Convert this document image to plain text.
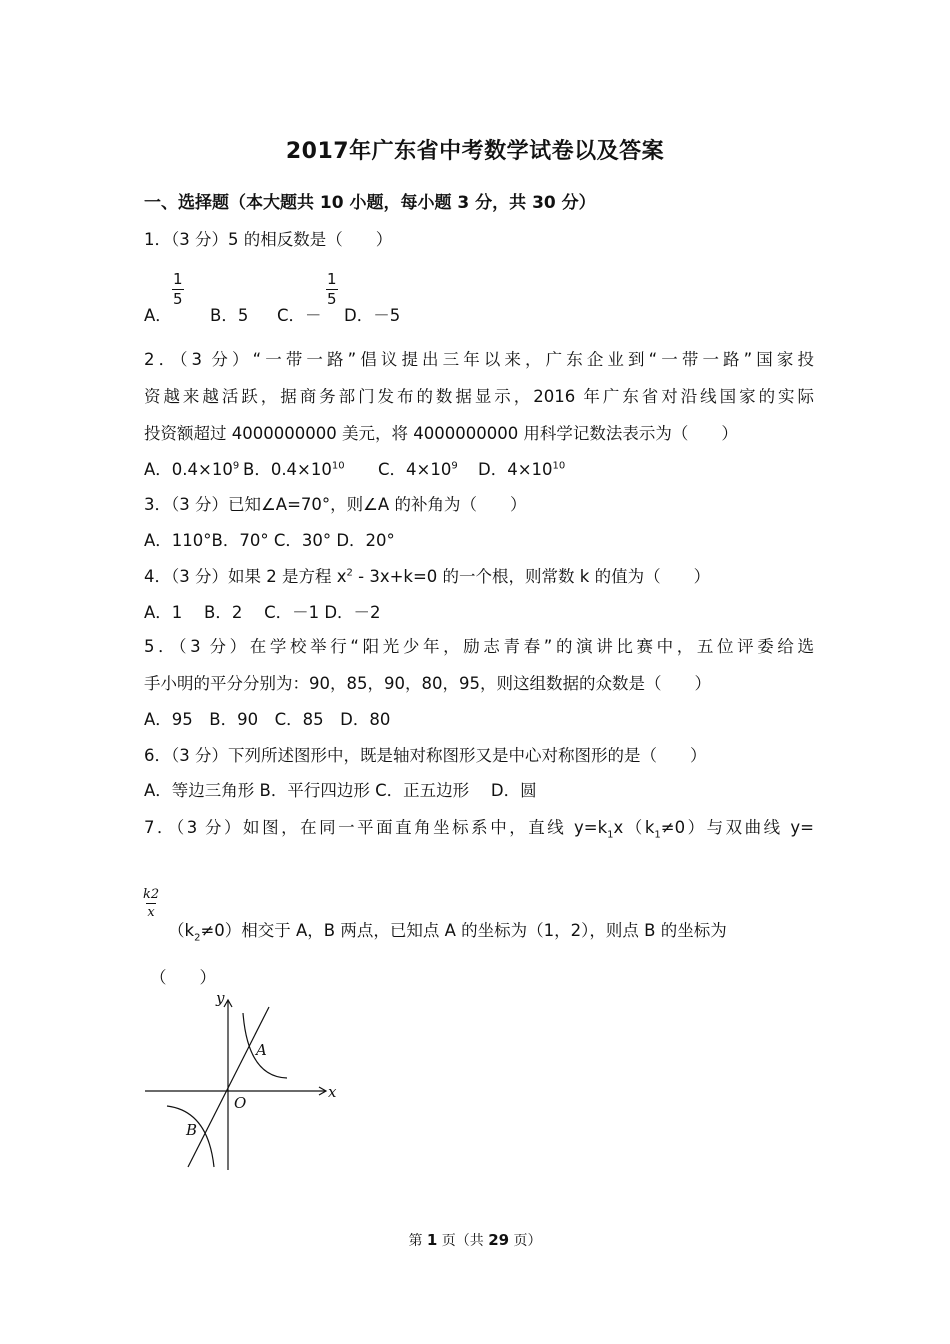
2017年广东省中考数学试卷以及答案
一、选择题（本大题共 10 小题，每小题 3 分，共 30 分）
1．（3 分）5 的相反数是（　　）
A．
$\frac{1}{5}$
B．5 C．－
$\frac{1}{5}$
D．－5
2．（3 分）“一带一路”倡议提出三年以来，广东企业到“一带一路”国家投
资越来越活跃，据商务部门发布的数据显示，2016 年广东省对沿线国家的实际
投资额超过 4000000000 美元，将 4000000000 用科学记数法表示为（　　）
A．$0.4\times 10^9$ B．$0.4\times 10^{10}$ C．$4\times 10^9$ D．$4\times 10^{10}$
3．（3 分）已知∠A=70°，则∠A 的补角为（　　）
A．110°B．70° C．30° D．20°
4．（3 分）如果 2 是方程 $x^2 - 3x+k=0$ 的一个根，则常数 k 的值为（　　）
A．1　 B．2　 C．－1 D．－2
5．（3 分）在学校举行“阳光少年，励志青春”的演讲比赛中，五位评委给选
手小明的平分分别为：90，85，90，80，95，则这组数据的众数是（　　）
A．95　B．90　C．85　D．80
6．（3 分）下列所述图形中，既是轴对称图形又是中心对称图形的是（　　）
A．等边三角形 B．平行四边形 C．正五边形　 D．圆
7．（3 分）如图，在同一平面直角坐标系中，直线 $y=k_1x(k_1\ne 0)$与双曲线 y=
$\frac{k2}{x}$
$(k_2\ne 0)$相交于 A，B 两点，已知点 A 的坐标为（1，2），则点 B 的坐标为
（　　）
y
x
O
A
B
第 1 页（共 29 页）
